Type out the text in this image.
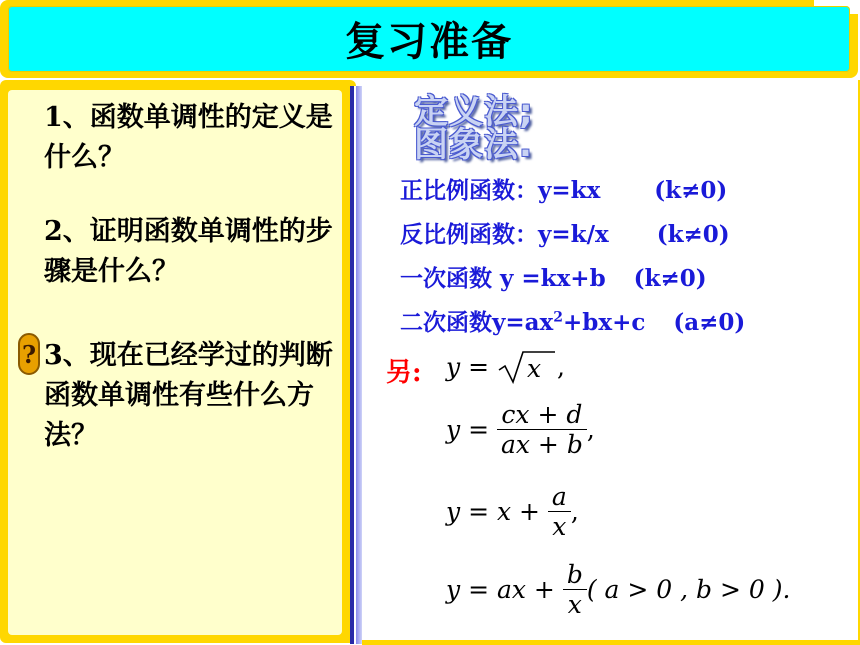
复习准备
1、函数单调性的定义是什么？
2、证明函数单调性的步骤是什么？
? 3、现在已经学过的判断函数单调性有些什么方法？
定义法;
图象法.
正比例函数：y=kx (k≠0)
反比例函数：y=k/x (k≠0)
一次函数 y =kx+b (k≠0)
二次函数$y=ax^2+bx+c$ (a≠0)
另: y = x ,
$y = \frac{cx + d}{ax + b}$ ,
$y = x + \frac{a}{x}$ ,
y = ax + $\frac{b}{x}$ ( a > 0 , b > 0 ).
